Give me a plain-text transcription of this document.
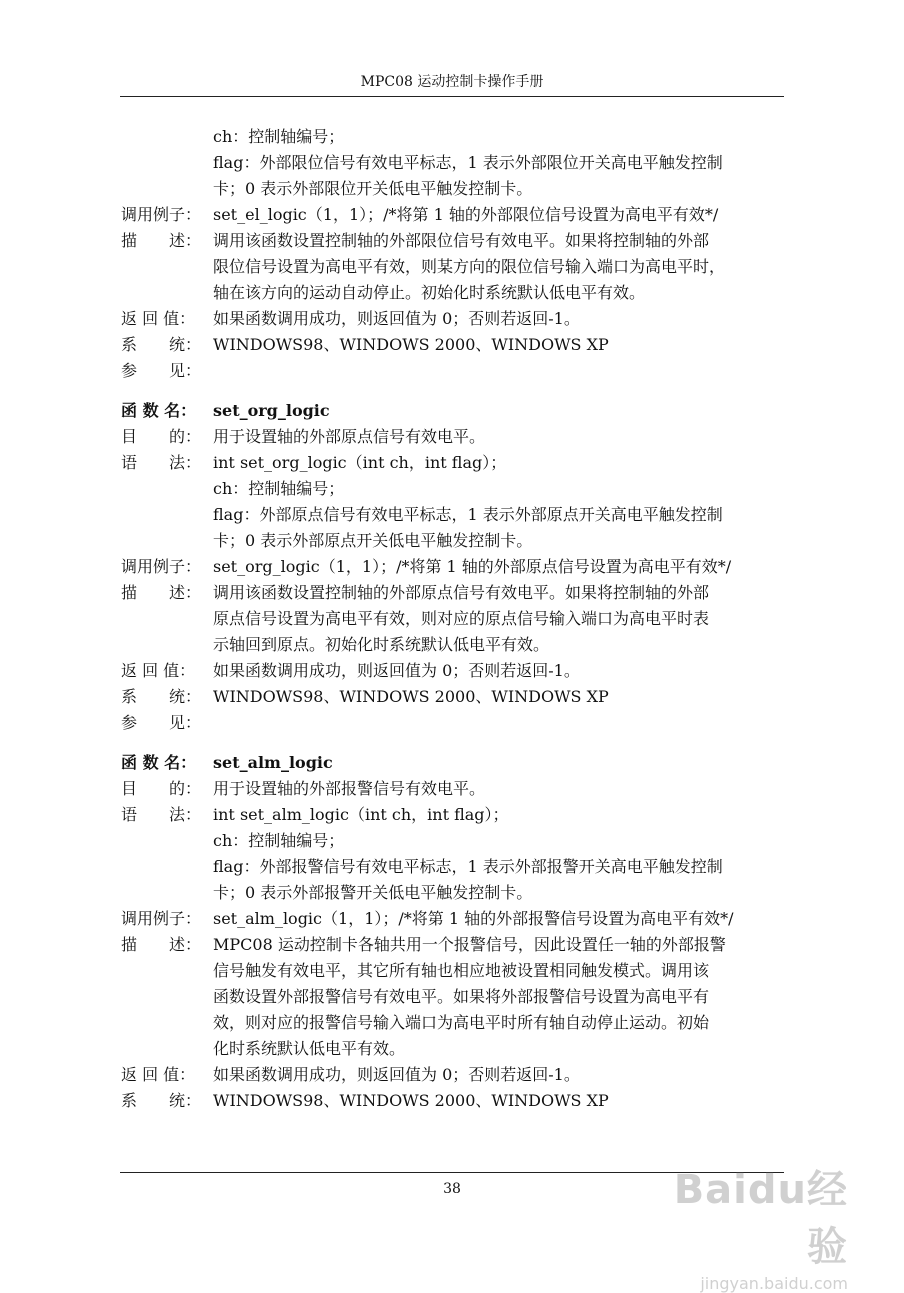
MPC08 运动控制卡操作手册
ch：控制轴编号；
flag：外部限位信号有效电平标志，1 表示外部限位开关高电平触发控制
卡；0 表示外部限位开关低电平触发控制卡。
调用例子： set_el_logic（1，1）；/*将第 1 轴的外部限位信号设置为高电平有效*/
描　　述： 调用该函数设置控制轴的外部限位信号有效电平。如果将控制轴的外部
限位信号设置为高电平有效，则某方向的限位信号输入端口为高电平时，
轴在该方向的运动自动停止。初始化时系统默认低电平有效。
返 回 值：	如果函数调用成功，则返回值为 0；否则若返回-1。
系　　统： WINDOWS98、WINDOWS 2000、WINDOWS XP
参　　见：
函 数 名：	set_org_logic
目　　的： 用于设置轴的外部原点信号有效电平。
语　　法： int set_org_logic（int ch，int flag）；
ch：控制轴编号；
flag：外部原点信号有效电平标志，1 表示外部原点开关高电平触发控制
卡；0 表示外部原点开关低电平触发控制卡。
调用例子： set_org_logic（1，1）；/*将第 1 轴的外部原点信号设置为高电平有效*/
描　　述： 调用该函数设置控制轴的外部原点信号有效电平。如果将控制轴的外部
原点信号设置为高电平有效，则对应的原点信号输入端口为高电平时表
示轴回到原点。初始化时系统默认低电平有效。
返 回 值：	如果函数调用成功，则返回值为 0；否则若返回-1。
系　　统： WINDOWS98、WINDOWS 2000、WINDOWS XP
参　　见：
函 数 名：	set_alm_logic
目　　的： 用于设置轴的外部报警信号有效电平。
语　　法： int set_alm_logic（int ch，int flag）；
ch：控制轴编号；
flag：外部报警信号有效电平标志，1 表示外部报警开关高电平触发控制
卡；0 表示外部报警开关低电平触发控制卡。
调用例子： set_alm_logic（1，1）；/*将第 1 轴的外部报警信号设置为高电平有效*/
描　　述： MPC08 运动控制卡各轴共用一个报警信号，因此设置任一轴的外部报警
信号触发有效电平，其它所有轴也相应地被设置相同触发模式。调用该
函数设置外部报警信号有效电平。如果将外部报警信号设置为高电平有
效，则对应的报警信号输入端口为高电平时所有轴自动停止运动。初始
化时系统默认低电平有效。
返 回 值：	如果函数调用成功，则返回值为 0；否则若返回-1。
系　　统： WINDOWS98、WINDOWS 2000、WINDOWS XP
38	Baidu经验
jingyan.baidu.com
